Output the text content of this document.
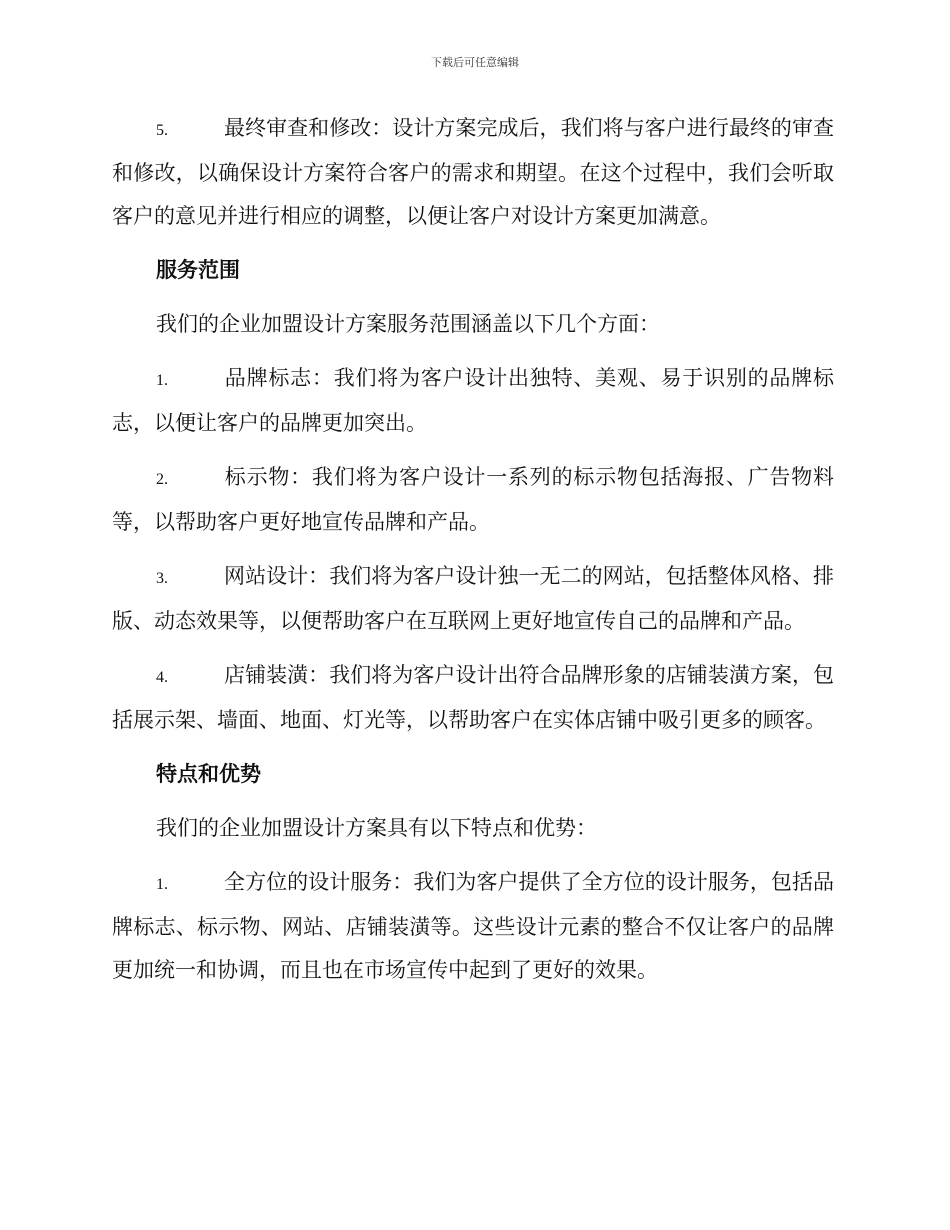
下载后可任意编辑

5.	最终审查和修改：设计方案完成后，我们将与客户进行最终的审查和修改，以确保设计方案符合客户的需求和期望。在这个过程中，我们会听取客户的意见并进行相应的调整，以便让客户对设计方案更加满意。

服务范围

我们的企业加盟设计方案服务范围涵盖以下几个方面：

1.	品牌标志：我们将为客户设计出独特、美观、易于识别的品牌标志，以便让客户的品牌更加突出。

2.	标示物：我们将为客户设计一系列的标示物包括海报、广告物料等，以帮助客户更好地宣传品牌和产品。

3.	网站设计：我们将为客户设计独一无二的网站，包括整体风格、排版、动态效果等，以便帮助客户在互联网上更好地宣传自己的品牌和产品。

4.	店铺装潢：我们将为客户设计出符合品牌形象的店铺装潢方案，包括展示架、墙面、地面、灯光等，以帮助客户在实体店铺中吸引更多的顾客。

特点和优势

我们的企业加盟设计方案具有以下特点和优势：

1.	全方位的设计服务：我们为客户提供了全方位的设计服务，包括品牌标志、标示物、网站、店铺装潢等。这些设计元素的整合不仅让客户的品牌更加统一和协调，而且也在市场宣传中起到了更好的效果。
